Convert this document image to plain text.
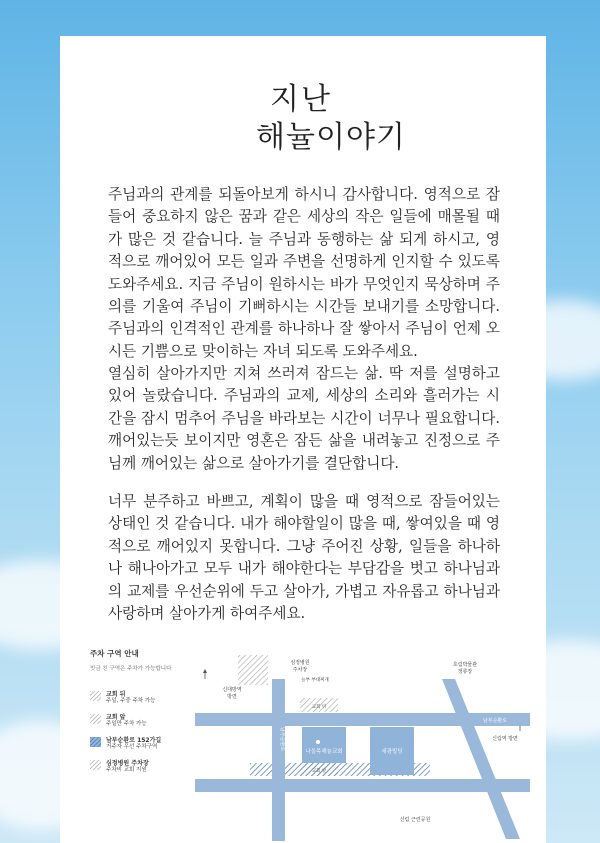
지난
해뉼이야기

주님과의 관계를 되돌아보게 하시니 감사합니다. 영적으로 잠들어 중요하지 않은 꿈과 같은 세상의 작은 일들에 매몰될 때가 많은 것 같습니다. 늘 주님과 동행하는 삶 되게 하시고, 영적으로 깨어있어 모든 일과 주변을 선명하게 인지할 수 있도록 도와주세요. 지금 주님이 원하시는 바가 무엇인지 묵상하며 주의를 기울여 주님이 기뻐하시는 시간들 보내기를 소망합니다. 주님과의 인격적인 관계를 하나하나 잘 쌓아서 주님이 언제 오시든 기쁨으로 맞이하는 자녀 되도록 도와주세요.

열심히 살아가지만 지쳐 쓰러져 잠드는 삶. 딱 저를 설명하고 있어 놀랐습니다. 주님과의 교제, 세상의 소리와 흘러가는 시간을 잠시 멈추어 주님을 바라보는 시간이 너무나 필요합니다. 깨어있는듯 보이지만 영혼은 잠든 삶을 내려놓고 진정으로 주님께 깨어있는 삶으로 살아가기를 결단합니다.

너무 분주하고 바쁘고, 계획이 많을 때 영적으로 잠들어있는 상태인 것 같습니다. 내가 해야할일이 많을 때, 쌓여있을 때 영적으로 깨어있지 못합니다. 그냥 주어진 상황, 일들을 하나하나 해나아가고 모두 내가 해야한다는 부담감을 벗고 하나님과의 교제를 우선순위에 두고 살아가, 가볍고 자유롭고 하나님과 사랑하며 살아가게 하여주세요.

주차 구역 안내
빗금 친 구역은 주차가 가능합니다
교회 뒤
주일, 주중 주차 가능
교회 앞
주일만 주차 가능
남부순환로 152가길
거주자 우선 주차구역
심정병원 주차장
주차비 교회 지원
신대방역
방면
심정병원
주차장
늘부 부대찌개
호림박물관
정류장
남부순환로
신림역 방면
교회 뒤
나들목해뉼교회	세광빌딩
교회 앞
남부순환로
신림 근린공원
